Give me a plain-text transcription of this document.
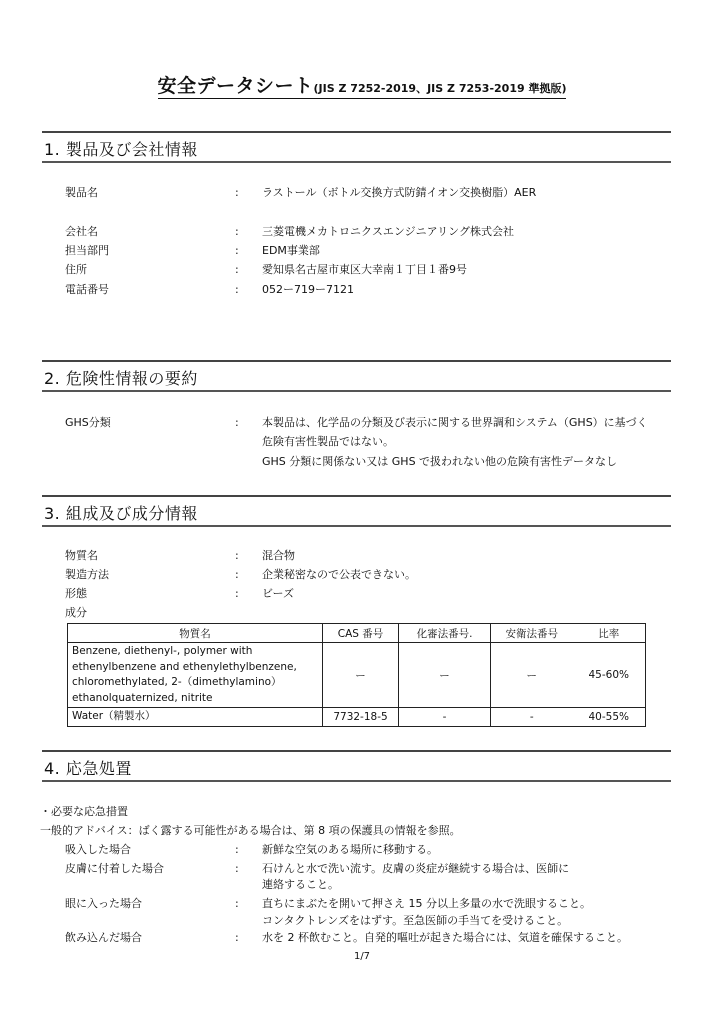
安全データシート(JIS Z 7252-2019、JIS Z 7253-2019 準拠版)
1. 製品及び会社情報
製品名	: ラストール（ボトル交換方式防錆イオン交換樹脂）AER
会社名	: 三菱電機メカトロニクスエンジニアリング株式会社
担当部門	: EDM事業部
住所	: 愛知県名古屋市東区大幸南１丁目１番9号
電話番号	: 052ー719ー7121
2. 危険性情報の要約
GHS分類	: 本製品は、化学品の分類及び表示に関する世界調和システム（GHS）に基づく
危険有害性製品ではない。
GHS 分類に関係ない又は GHS で扱われない他の危険有害性データなし
3. 組成及び成分情報
物質名	: 混合物
製造方法	: 企業秘密なので公表できない。
形態	: ビーズ
成分
物質名	CAS 番号	化審法番号.	安衛法番号	比率

Benzene, diethenyl-, polymer with
ethenylbenzene and ethenylethylbenzene,
chloromethylated, 2-（dimethylamino）
ethanolquaternized, nitrite	ー	ー	ー	45-60%

Water（精製水）	7732-18-5	-	-	40-55%
4. 応急処置
・必要な応急措置
一般的アドバイス：ばく露する可能性がある場合は、第 8 項の保護具の情報を参照。
吸入した場合	: 新鮮な空気のある場所に移動する。
皮膚に付着した場合	: 石けんと水で洗い流す。皮膚の炎症が継続する場合は、医師に
連絡すること。
眼に入った場合	: 直ちにまぶたを開いて押さえ 15 分以上多量の水で洗眼すること。
コンタクトレンズをはずす。至急医師の手当てを受けること。
飲み込んだ場合	: 水を 2 杯飲むこと。自発的嘔吐が起きた場合には、気道を確保すること。
1/7
